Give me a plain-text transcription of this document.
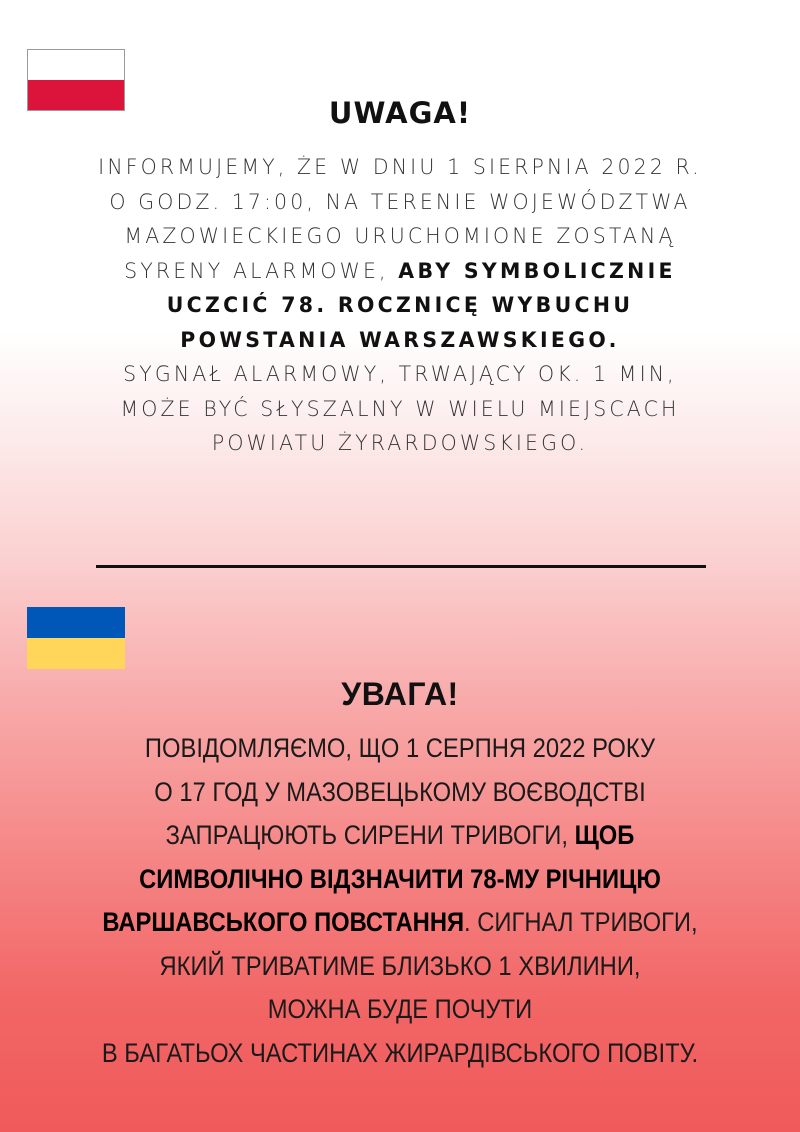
UWAGA!
INFORMUJEMY, ŻE W DNIU 1 SIERPNIA 2022 R.
O GODZ. 17:00, NA TERENIE WOJEWÓDZTWA
MAZOWIECKIEGO URUCHOMIONE ZOSTANĄ
SYRENY ALARMOWE, ABY SYMBOLICZNIE
UCZCIĆ 78. ROCZNICĘ WYBUCHU
POWSTANIA WARSZAWSKIEGO.
SYGNAŁ ALARMOWY, TRWAJĄCY OK. 1 MIN,
MOŻE BYĆ SŁYSZALNY W WIELU MIEJSCACH
POWIATU ŻYRARDOWSKIEGO.
УВАГА!
ПОВІДОМЛЯЄМО, ЩО 1 СЕРПНЯ 2022 РОКУ
О 17 ГОД У МАЗОВЕЦЬКОМУ ВОЄВОДСТВІ
ЗАПРАЦЮЮТЬ СИРЕНИ ТРИВОГИ, ЩОБ
СИМВОЛІЧНО ВІДЗНАЧИТИ 78-МУ РІЧНИЦЮ
ВАРШАВСЬКОГО ПОВСТАННЯ. СИГНАЛ ТРИВОГИ,
ЯКИЙ ТРИВАТИМЕ БЛИЗЬКО 1 ХВИЛИНИ,
МОЖНА БУДЕ ПОЧУТИ
В БАГАТЬОХ ЧАСТИНАХ ЖИРАРДІВСЬКОГО ПОВІТУ.
